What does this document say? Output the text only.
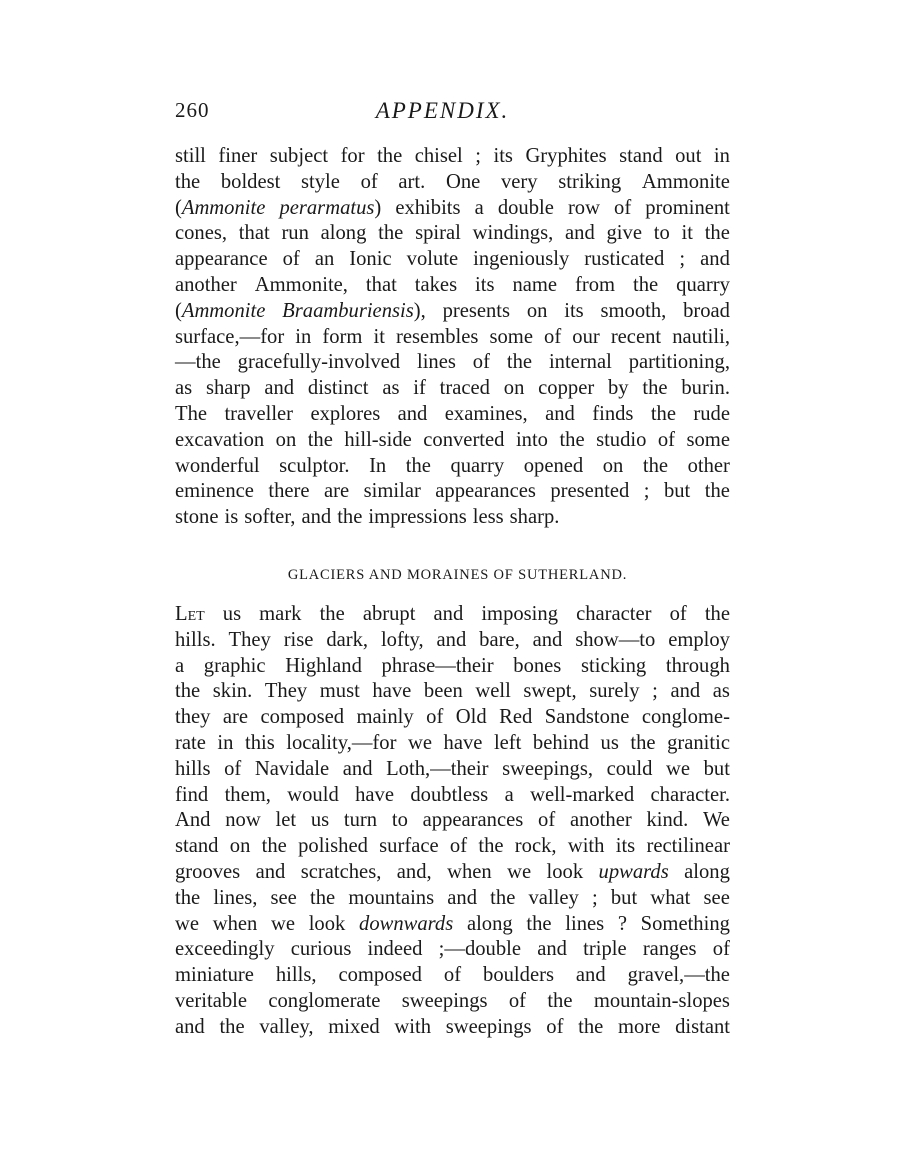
260	APPENDIX.
still finer subject for the chisel ; its Gryphites stand out in
the boldest style of art. One very striking Ammonite
(Ammonite perarmatus) exhibits a double row of prominent
cones, that run along the spiral windings, and give to it the
appearance of an Ionic volute ingeniously rusticated ; and
another Ammonite, that takes its name from the quarry
(Ammonite Braamburiensis), presents on its smooth, broad
surface,—for in form it resembles some of our recent nautili,
—the gracefully-involved lines of the internal partitioning,
as sharp and distinct as if traced on copper by the burin.
The traveller explores and examines, and finds the rude
excavation on the hill-side converted into the studio of some
wonderful sculptor. In the quarry opened on the other
eminence there are similar appearances presented ; but the
stone is softer, and the impressions less sharp.
GLACIERS AND MORAINES OF SUTHERLAND.
Let us mark the abrupt and imposing character of the
hills. They rise dark, lofty, and bare, and show—to employ
a graphic Highland phrase—their bones sticking through
the skin. They must have been well swept, surely ; and as
they are composed mainly of Old Red Sandstone conglome-
rate in this locality,—for we have left behind us the granitic
hills of Navidale and Loth,—their sweepings, could we but
find them, would have doubtless a well-marked character.
And now let us turn to appearances of another kind. We
stand on the polished surface of the rock, with its rectilinear
grooves and scratches, and, when we look upwards along
the lines, see the mountains and the valley ; but what see
we when we look downwards along the lines ? Something
exceedingly curious indeed ;—double and triple ranges of
miniature hills, composed of boulders and gravel,—the
veritable conglomerate sweepings of the mountain-slopes
and the valley, mixed with sweepings of the more distant
